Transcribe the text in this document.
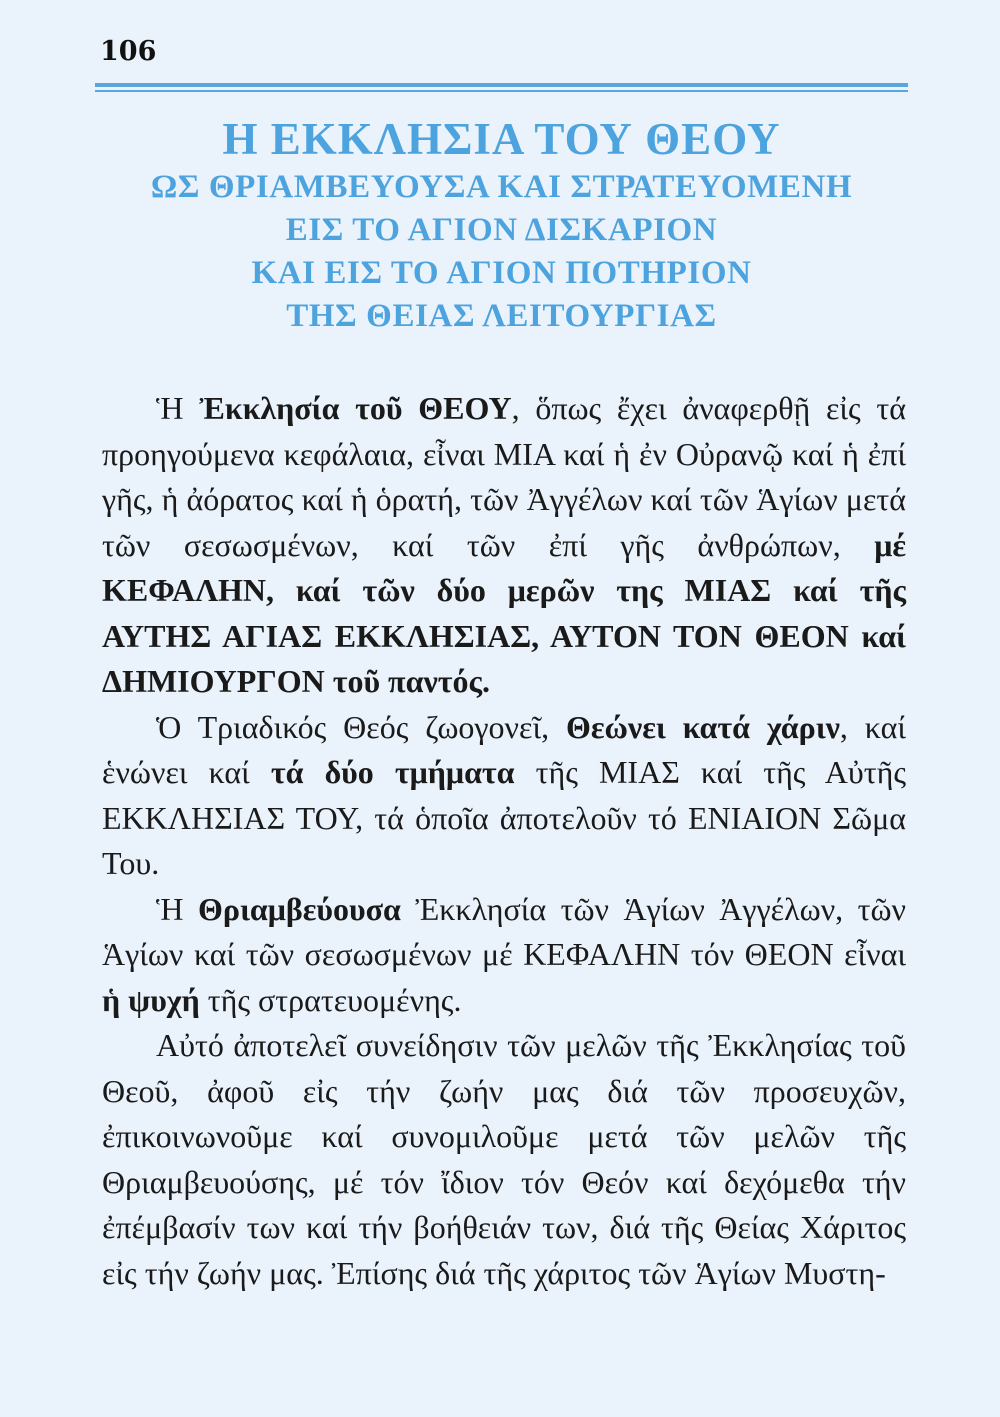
106
Η ΕΚΚΛΗΣΙΑ ΤΟΥ ΘΕΟΥ
ΩΣ ΘΡΙΑΜΒΕΥΟΥΣΑ ΚΑΙ ΣΤΡΑΤΕΥΟΜΕΝΗ
ΕΙΣ ΤΟ ΑΓΙΟΝ ΔΙΣΚΑΡΙΟΝ
ΚΑΙ ΕΙΣ ΤΟ ΑΓΙΟΝ ΠΟΤΗΡΙΟΝ
ΤΗΣ ΘΕΙΑΣ ΛΕΙΤΟΥΡΓΙΑΣ

Ἡ Ἐκκλησία τοῦ ΘΕΟΥ, ὅπως ἔχει ἀναφερθῇ εἰς τά προηγούμενα κεφάλαια, εἶναι ΜΙΑ καί ἡ ἐν Οὐρανῷ καί ἡ ἐπί γῆς, ἡ ἀόρατος καί ἡ ὁρατή, τῶν Ἀγγέλων καί τῶν Ἁγίων μετά τῶν σεσωσμένων, καί τῶν ἐπί γῆς ἀνθρώπων, μέ ΚΕΦΑΛΗΝ, καί τῶν δύο μερῶν της ΜΙΑΣ καί τῆς ΑΥΤΗΣ ΑΓΙΑΣ ΕΚΚΛΗΣΙΑΣ, ΑΥΤΟΝ ΤΟΝ ΘΕΟΝ καί ΔΗΜΙΟΥΡΓΟΝ τοῦ παντός.

Ὁ Τριαδικός Θεός ζωογονεῖ, Θεώνει κατά χάριν, καί ἑνώνει καί τά δύο τμήματα τῆς ΜΙΑΣ καί τῆς Αὐτῆς ΕΚΚΛΗΣΙΑΣ ΤΟΥ, τά ὁποῖα ἀποτελοῦν τό ΕΝΙΑΙΟΝ Σῶμα Του.

Ἡ Θριαμβεύουσα Ἐκκλησία τῶν Ἁγίων Ἀγγέλων, τῶν Ἁγίων καί τῶν σεσωσμένων μέ ΚΕΦΑΛΗΝ τόν ΘΕΟΝ εἶναι ἡ ψυχή τῆς στρατευομένης.

Αὐτό ἀποτελεῖ συνείδησιν τῶν μελῶν τῆς Ἐκκλησίας τοῦ Θεοῦ, ἀφοῦ εἰς τήν ζωήν μας διά τῶν προσευχῶν, ἐπικοινωνοῦμε καί συνομιλοῦμε μετά τῶν μελῶν τῆς Θριαμβευούσης, μέ τόν ἴδιον τόν Θεόν καί δεχόμεθα τήν ἐπέμβασίν των καί τήν βοήθειάν των, διά τῆς Θείας Χάριτος εἰς τήν ζωήν μας. Ἐπίσης διά τῆς χάριτος τῶν Ἁγίων Μυστη-
